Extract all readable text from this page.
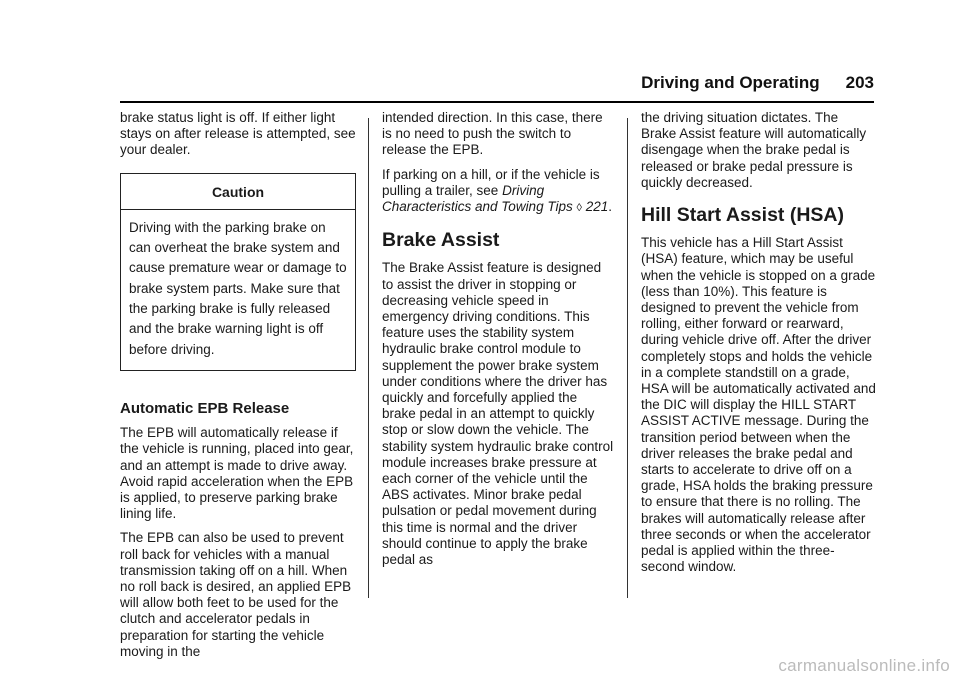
Driving and Operating 203

brake status light is off. If either light stays on after release is attempted, see your dealer.

Caution
Driving with the parking brake on can overheat the brake system and cause premature wear or damage to brake system parts. Make sure that the parking brake is fully released and the brake warning light is off before driving.
Automatic EPB Release

The EPB will automatically release if the vehicle is running, placed into gear, and an attempt is made to drive away. Avoid rapid acceleration when the EPB is applied, to preserve parking brake lining life.

The EPB can also be used to prevent roll back for vehicles with a manual transmission taking off on a hill. When no roll back is desired, an applied EPB will allow both feet to be used for the clutch and accelerator pedals in preparation for starting the vehicle moving in the

intended direction. In this case, there is no need to push the switch to release the EPB.

If parking on a hill, or if the vehicle is pulling a trailer, see Driving Characteristics and Towing Tips ◊ 221.

Brake Assist

The Brake Assist feature is designed to assist the driver in stopping or decreasing vehicle speed in emergency driving conditions. This feature uses the stability system hydraulic brake control module to supplement the power brake system under conditions where the driver has quickly and forcefully applied the brake pedal in an attempt to quickly stop or slow down the vehicle. The stability system hydraulic brake control module increases brake pressure at each corner of the vehicle until the ABS activates. Minor brake pedal pulsation or pedal movement during this time is normal and the driver should continue to apply the brake pedal as

the driving situation dictates. The Brake Assist feature will automatically disengage when the brake pedal is released or brake pedal pressure is quickly decreased.

Hill Start Assist (HSA)

This vehicle has a Hill Start Assist (HSA) feature, which may be useful when the vehicle is stopped on a grade (less than 10%). This feature is designed to prevent the vehicle from rolling, either forward or rearward, during vehicle drive off. After the driver completely stops and holds the vehicle in a complete standstill on a grade, HSA will be automatically activated and the DIC will display the HILL START ASSIST ACTIVE message. During the transition period between when the driver releases the brake pedal and starts to accelerate to drive off on a grade, HSA holds the braking pressure to ensure that there is no rolling. The brakes will automatically release after three seconds or when the accelerator pedal is applied within the three-second window.

carmanualsonline.info
